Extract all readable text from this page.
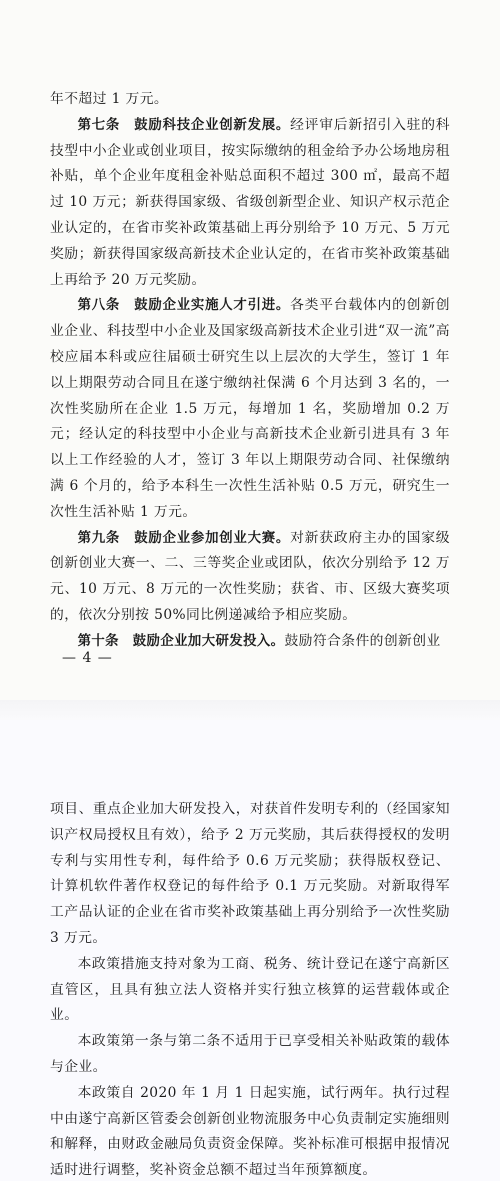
年不超过 1 万元。

第七条　 鼓励科技企业创新发展。经评审后新招引入驻的科技型中小企业或创业项目，按实际缴纳的租金给予办公场地房租补贴，单个企业年度租金补贴总面积不超过 300 ㎡，最高不超过 10 万元；新获得国家级、省级创新型企业、知识产权示范企业认定的，在省市奖补政策基础上再分别给予 10 万元、5 万元奖励；新获得国家级高新技术企业认定的，在省市奖补政策基础上再给予 20 万元奖励。

第八条　 鼓励企业实施人才引进。各类平台载体内的创新创业企业、科技型中小企业及国家级高新技术企业引进“双一流”高校应届本科或应往届硕士研究生以上层次的大学生，签订 1 年以上期限劳动合同且在遂宁缴纳社保满 6 个月达到 3 名的，一次性奖励所在企业 1.5 万元，每增加 1 名，奖励增加 0.2 万元；经认定的科技型中小企业与高新技术企业新引进具有 3 年以上工作经验的人才，签订 3 年以上期限劳动合同、社保缴纳满 6 个月的，给予本科生一次性生活补贴 0.5 万元，研究生一次性生活补贴 1 万元。

第九条　 鼓励企业参加创业大赛。对新获政府主办的国家级创新创业大赛一、二、三等奖企业或团队，依次分别给予 12 万元、10 万元、8 万元的一次性奖励；获省、市、区级大赛奖项的，依次分别按 50%同比例递减给予相应奖励。

第十条　 鼓励企业加大研发投入。鼓励符合条件的创新创业

— 4 —

项目、重点企业加大研发投入，对获首件发明专利的（经国家知识产权局授权且有效），给予 2 万元奖励，其后获得授权的发明专利与实用性专利，每件给予 0.6 万元奖励；获得版权登记、计算机软件著作权登记的每件给予 0.1 万元奖励。对新取得军工产品认证的企业在省市奖补政策基础上再分别给予一次性奖励 3 万元。

本政策措施支持对象为工商、税务、统计登记在遂宁高新区直管区，且具有独立法人资格并实行独立核算的运营载体或企业。

本政策第一条与第二条不适用于已享受相关补贴政策的载体与企业。

本政策自 2020 年 1 月 1 日起实施，试行两年。执行过程中由遂宁高新区管委会创新创业物流服务中心负责制定实施细则和解释，由财政金融局负责资金保障。奖补标准可根据申报情况适时进行调整，奖补资金总额不超过当年预算额度。
